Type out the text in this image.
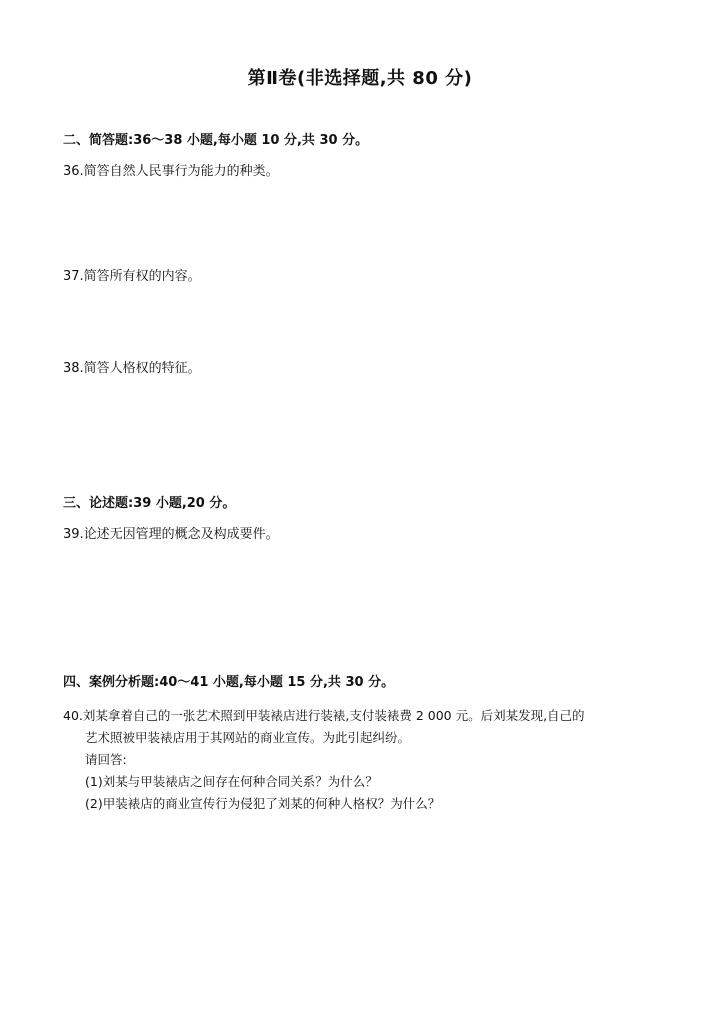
第Ⅱ卷(非选择题,共 80 分)
二、简答题:36～38 小题,每小题 10 分,共 30 分。
36.简答自然人民事行为能力的种类。
37.简答所有权的内容。
38.简答人格权的特征。
三、论述题:39 小题,20 分。
39.论述无因管理的概念及构成要件。
四、案例分析题:40～41 小题,每小题 15 分,共 30 分。
40.刘某拿着自己的一张艺术照到甲装裱店进行装裱,支付装裱费 2 000 元。后刘某发现,自己的
艺术照被甲装裱店用于其网站的商业宣传。为此引起纠纷。
请回答:
(1)刘某与甲装裱店之间存在何种合同关系？为什么？
(2)甲装裱店的商业宣传行为侵犯了刘某的何种人格权？为什么？
